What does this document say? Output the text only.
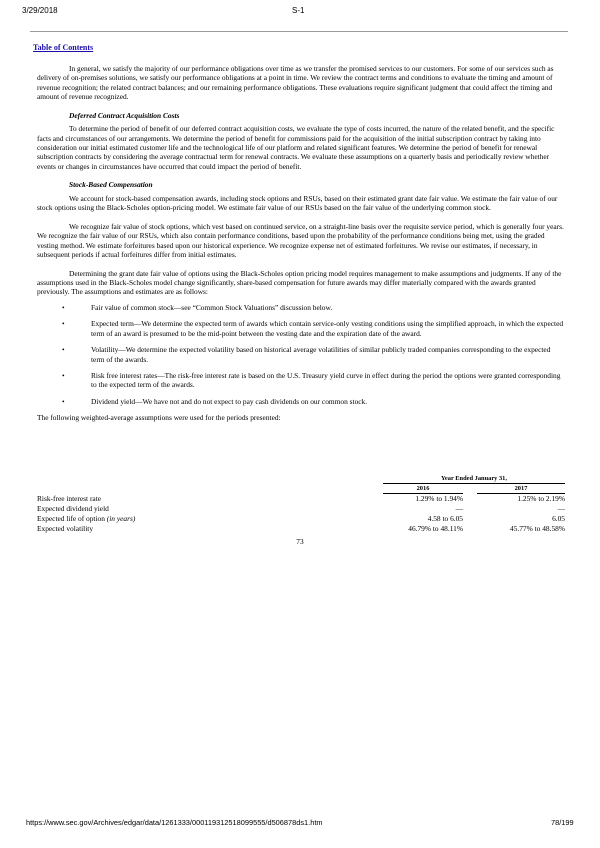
3/29/2018	S-1
Table of Contents

In general, we satisfy the majority of our performance obligations over time as we transfer the promised services to our customers. For some of our services such as delivery of on-premises solutions, we satisfy our performance obligations at a point in time. We review the contract terms and conditions to evaluate the timing and amount of revenue recognition; the related contract balances; and our remaining performance obligations. These evaluations require significant judgment that could affect the timing and amount of revenue recognized.

Deferred Contract Acquisition Costs

To determine the period of benefit of our deferred contract acquisition costs, we evaluate the type of costs incurred, the nature of the related benefit, and the specific facts and circumstances of our arrangements. We determine the period of benefit for commissions paid for the acquisition of the initial subscription contract by taking into consideration our initial estimated customer life and the technological life of our platform and related significant features. We determine the period of benefit for renewal subscription contracts by considering the average contractual term for renewal contracts. We evaluate these assumptions on a quarterly basis and periodically review whether events or changes in circumstances have occurred that could impact the period of benefit.

Stock-Based Compensation

We account for stock-based compensation awards, including stock options and RSUs, based on their estimated grant date fair value. We estimate the fair value of our stock options using the Black-Scholes option-pricing model. We estimate fair value of our RSUs based on the fair value of the underlying common stock.

We recognize fair value of stock options, which vest based on continued service, on a straight-line basis over the requisite service period, which is generally four years. We recognize the fair value of our RSUs, which also contain performance conditions, based upon the probability of the performance conditions being met, using the graded vesting method. We estimate forfeitures based upon our historical experience. We recognize expense net of estimated forfeitures. We revise our estimates, if necessary, in subsequent periods if actual forfeitures differ from initial estimates.

Determining the grant date fair value of options using the Black-Scholes option pricing model requires management to make assumptions and judgments. If any of the assumptions used in the Black-Scholes model change significantly, share-based compensation for future awards may differ materially compared with the awards granted previously. The assumptions and estimates are as follows:

•	Fair value of common stock—see “Common Stock Valuations” discussion below.
•	Expected term—We determine the expected term of awards which contain service-only vesting conditions using the simplified approach, in which the expected term of an award is presumed to be the mid-point between the vesting date and the expiration date of the award.
•	Volatility—We determine the expected volatility based on historical average volatilities of similar publicly traded companies corresponding to the expected term of the awards.
•	Risk free interest rates—The risk-free interest rate is based on the U.S. Treasury yield curve in effect during the period the options were granted corresponding to the expected term of the awards.
•	Dividend yield—We have not and do not expect to pay cash dividends on our common stock.

The following weighted-average assumptions were used for the periods presented:

Year Ended January 31,
2016	2017
Risk-free interest rate	1.29% to 1.94%	1.25% to 2.19%
Expected dividend yield	—	—
Expected life of option (in years)	4.58 to 6.05	6.05
Expected volatility	46.79% to 48.11%	45.77% to 48.58%
73
https://www.sec.gov/Archives/edgar/data/1261333/000119312518099555/d506878ds1.htm	78/199
